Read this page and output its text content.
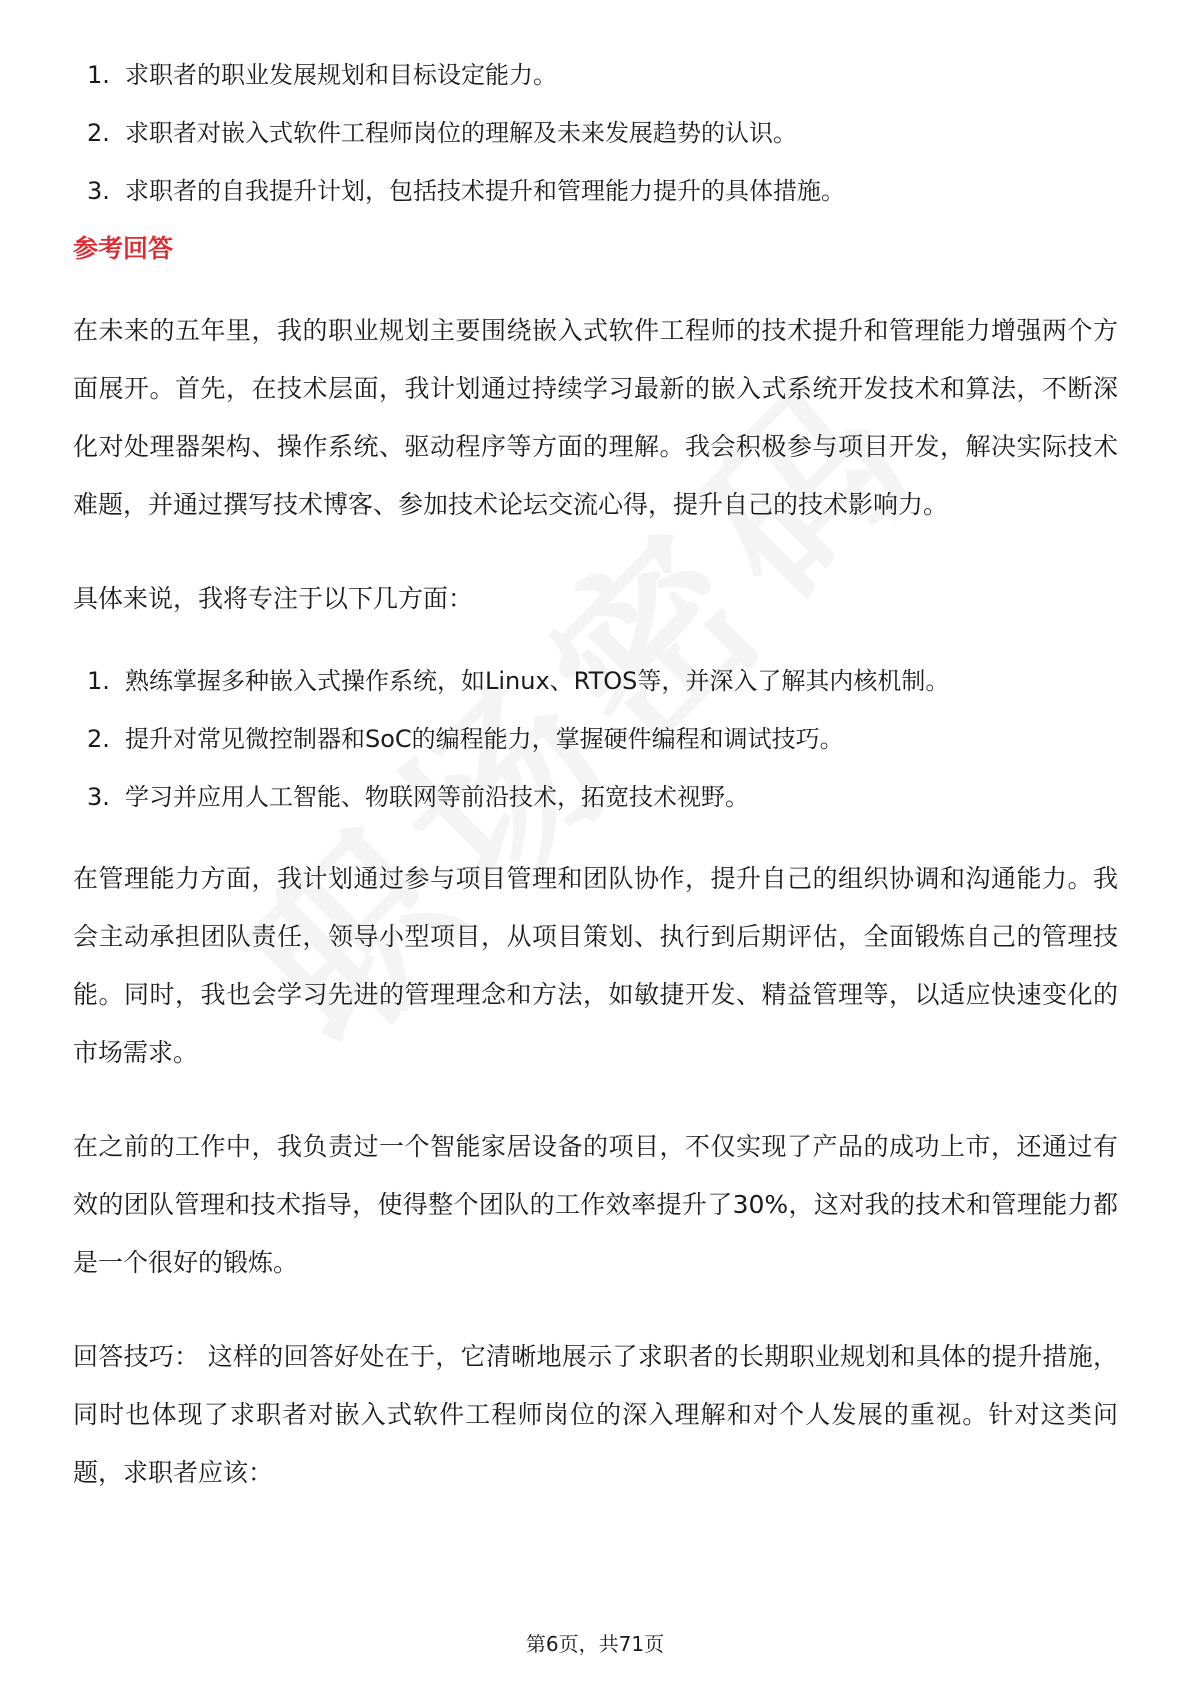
1. 求职者的职业发展规划和目标设定能力。
2. 求职者对嵌入式软件工程师岗位的理解及未来发展趋势的认识。
3. 求职者的自我提升计划，包括技术提升和管理能力提升的具体措施。
参考回答

在未来的五年里，我的职业规划主要围绕嵌入式软件工程师的技术提升和管理能力增强两个方面展开。首先，在技术层面，我计划通过持续学习最新的嵌入式系统开发技术和算法，不断深化对处理器架构、操作系统、驱动程序等方面的理解。我会积极参与项目开发，解决实际技术难题，并通过撰写技术博客、参加技术论坛交流心得，提升自己的技术影响力。

具体来说，我将专注于以下几方面：

1. 熟练掌握多种嵌入式操作系统，如Linux、RTOS等，并深入了解其内核机制。
2. 提升对常见微控制器和SoC的编程能力，掌握硬件编程和调试技巧。
3. 学习并应用人工智能、物联网等前沿技术，拓宽技术视野。

在管理能力方面，我计划通过参与项目管理和团队协作，提升自己的组织协调和沟通能力。我会主动承担团队责任，领导小型项目，从项目策划、执行到后期评估，全面锻炼自己的管理技能。同时，我也会学习先进的管理理念和方法，如敏捷开发、精益管理等，以适应快速变化的市场需求。

在之前的工作中，我负责过一个智能家居设备的项目，不仅实现了产品的成功上市，还通过有效的团队管理和技术指导，使得整个团队的工作效率提升了30%，这对我的技术和管理能力都是一个很好的锻炼。

回答技巧： 这样的回答好处在于，它清晰地展示了求职者的长期职业规划和具体的提升措施，同时也体现了求职者对嵌入式软件工程师岗位的深入理解和对个人发展的重视。针对这类问题，求职者应该：

第6页，共71页
